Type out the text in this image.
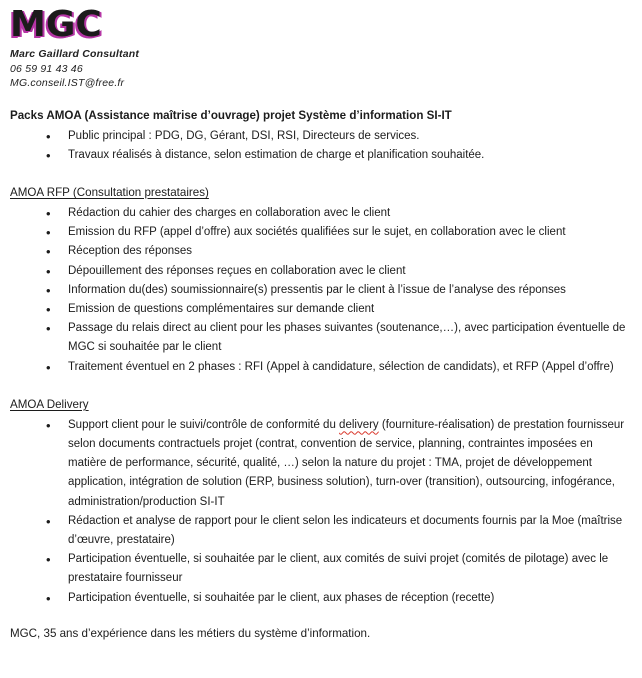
MGC
Marc Gaillard Consultant
06 59 91 43 46
MG.conseil.IST@free.fr
Packs AMOA (Assistance maîtrise d’ouvrage) projet Système d’information SI-IT
• Public principal : PDG, DG, Gérant, DSI, RSI, Directeurs de services.
• Travaux réalisés à distance, selon estimation de charge et planification souhaitée.
AMOA RFP (Consultation prestataires)
• Rédaction du cahier des charges en collaboration avec le client
• Emission du RFP (appel d’offre) aux sociétés qualifiées sur le sujet, en collaboration avec le client
• Réception des réponses
• Dépouillement des réponses reçues en collaboration avec le client
• Information du(des) soumissionnaire(s) pressentis par le client à l’issue de l’analyse des réponses
• Emission de questions complémentaires sur demande client
• Passage du relais direct au client pour les phases suivantes (soutenance,…), avec participation éventuelle de MGC si souhaitée par le client
• Traitement éventuel en 2 phases : RFI (Appel à candidature, sélection de candidats), et RFP (Appel d’offre)
AMOA Delivery
• Support client pour le suivi/contrôle de conformité du delivery (fourniture-réalisation) de prestation fournisseur selon documents contractuels projet (contrat, convention de service, planning, contraintes imposées en matière de performance, sécurité, qualité, …) selon la nature du projet : TMA, projet de développement application, intégration de solution (ERP, business solution), turn-over (transition), outsourcing, infogérance, administration/production SI-IT
• Rédaction et analyse de rapport pour le client selon les indicateurs et documents fournis par la Moe (maîtrise d’œuvre, prestataire)
• Participation éventuelle, si souhaitée par le client, aux comités de suivi projet (comités de pilotage) avec le prestataire fournisseur
• Participation éventuelle, si souhaitée par le client, aux phases de réception (recette)

MGC, 35 ans d’expérience dans les métiers du système d’information.
